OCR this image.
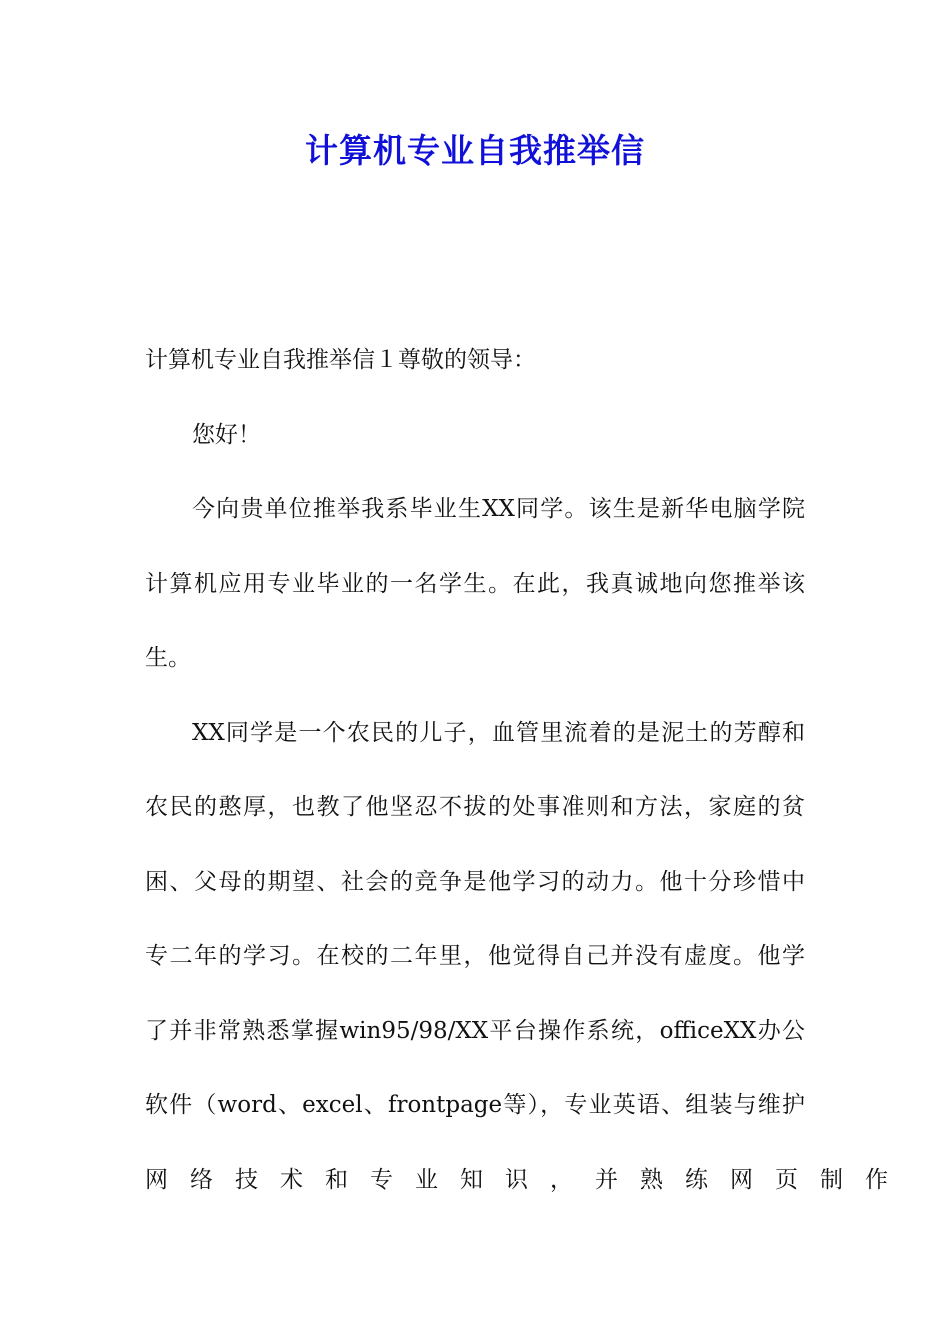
计算机专业自我推举信
计算机专业自我推举信１尊敬的领导：
您好！
今向贵单位推举我系毕业生XX同学。该生是新华电脑学院
计算机应用专业毕业的一名学生。在此，我真诚地向您推举该
生。
XX同学是一个农民的儿子，血管里流着的是泥土的芳醇和
农民的憨厚，也教了他坚忍不拔的处事准则和方法，家庭的贫
困、父母的期望、社会的竞争是他学习的动力。他十分珍惜中
专二年的学习。在校的二年里，他觉得自己并没有虚度。他学
了并非常熟悉掌握win95/98/XX平台操作系统，officeXX办公
软件（word、excel、frontpage等），专业英语、组装与维护
网络技术和专业知识，并熟练网页制作
